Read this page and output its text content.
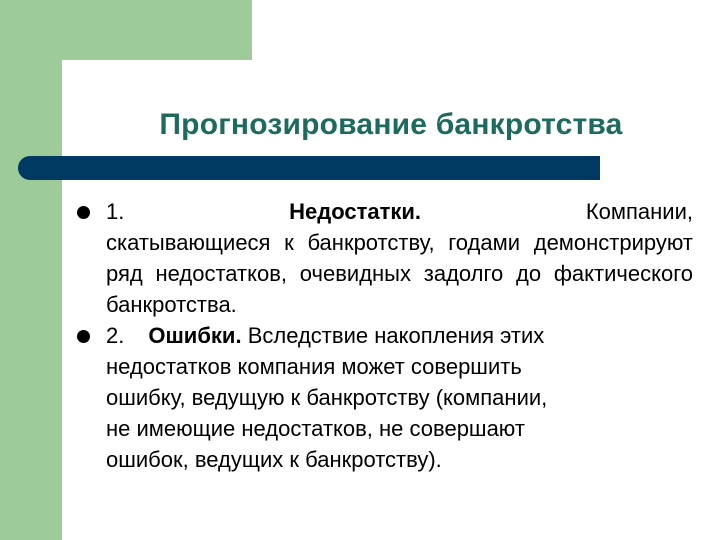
Прогнозирование банкротства
1.	Недостатки.	Компании,
скатывающиеся к банкротству, годами демонстрируют ряд недостатков, очевидных задолго до фактического банкротства.
2. Ошибки. Вследствие накопления этих
недостатков компания может совершить
ошибку, ведущую к банкротству (компании,
не имеющие недостатков, не совершают
ошибок, ведущих к банкротству).
